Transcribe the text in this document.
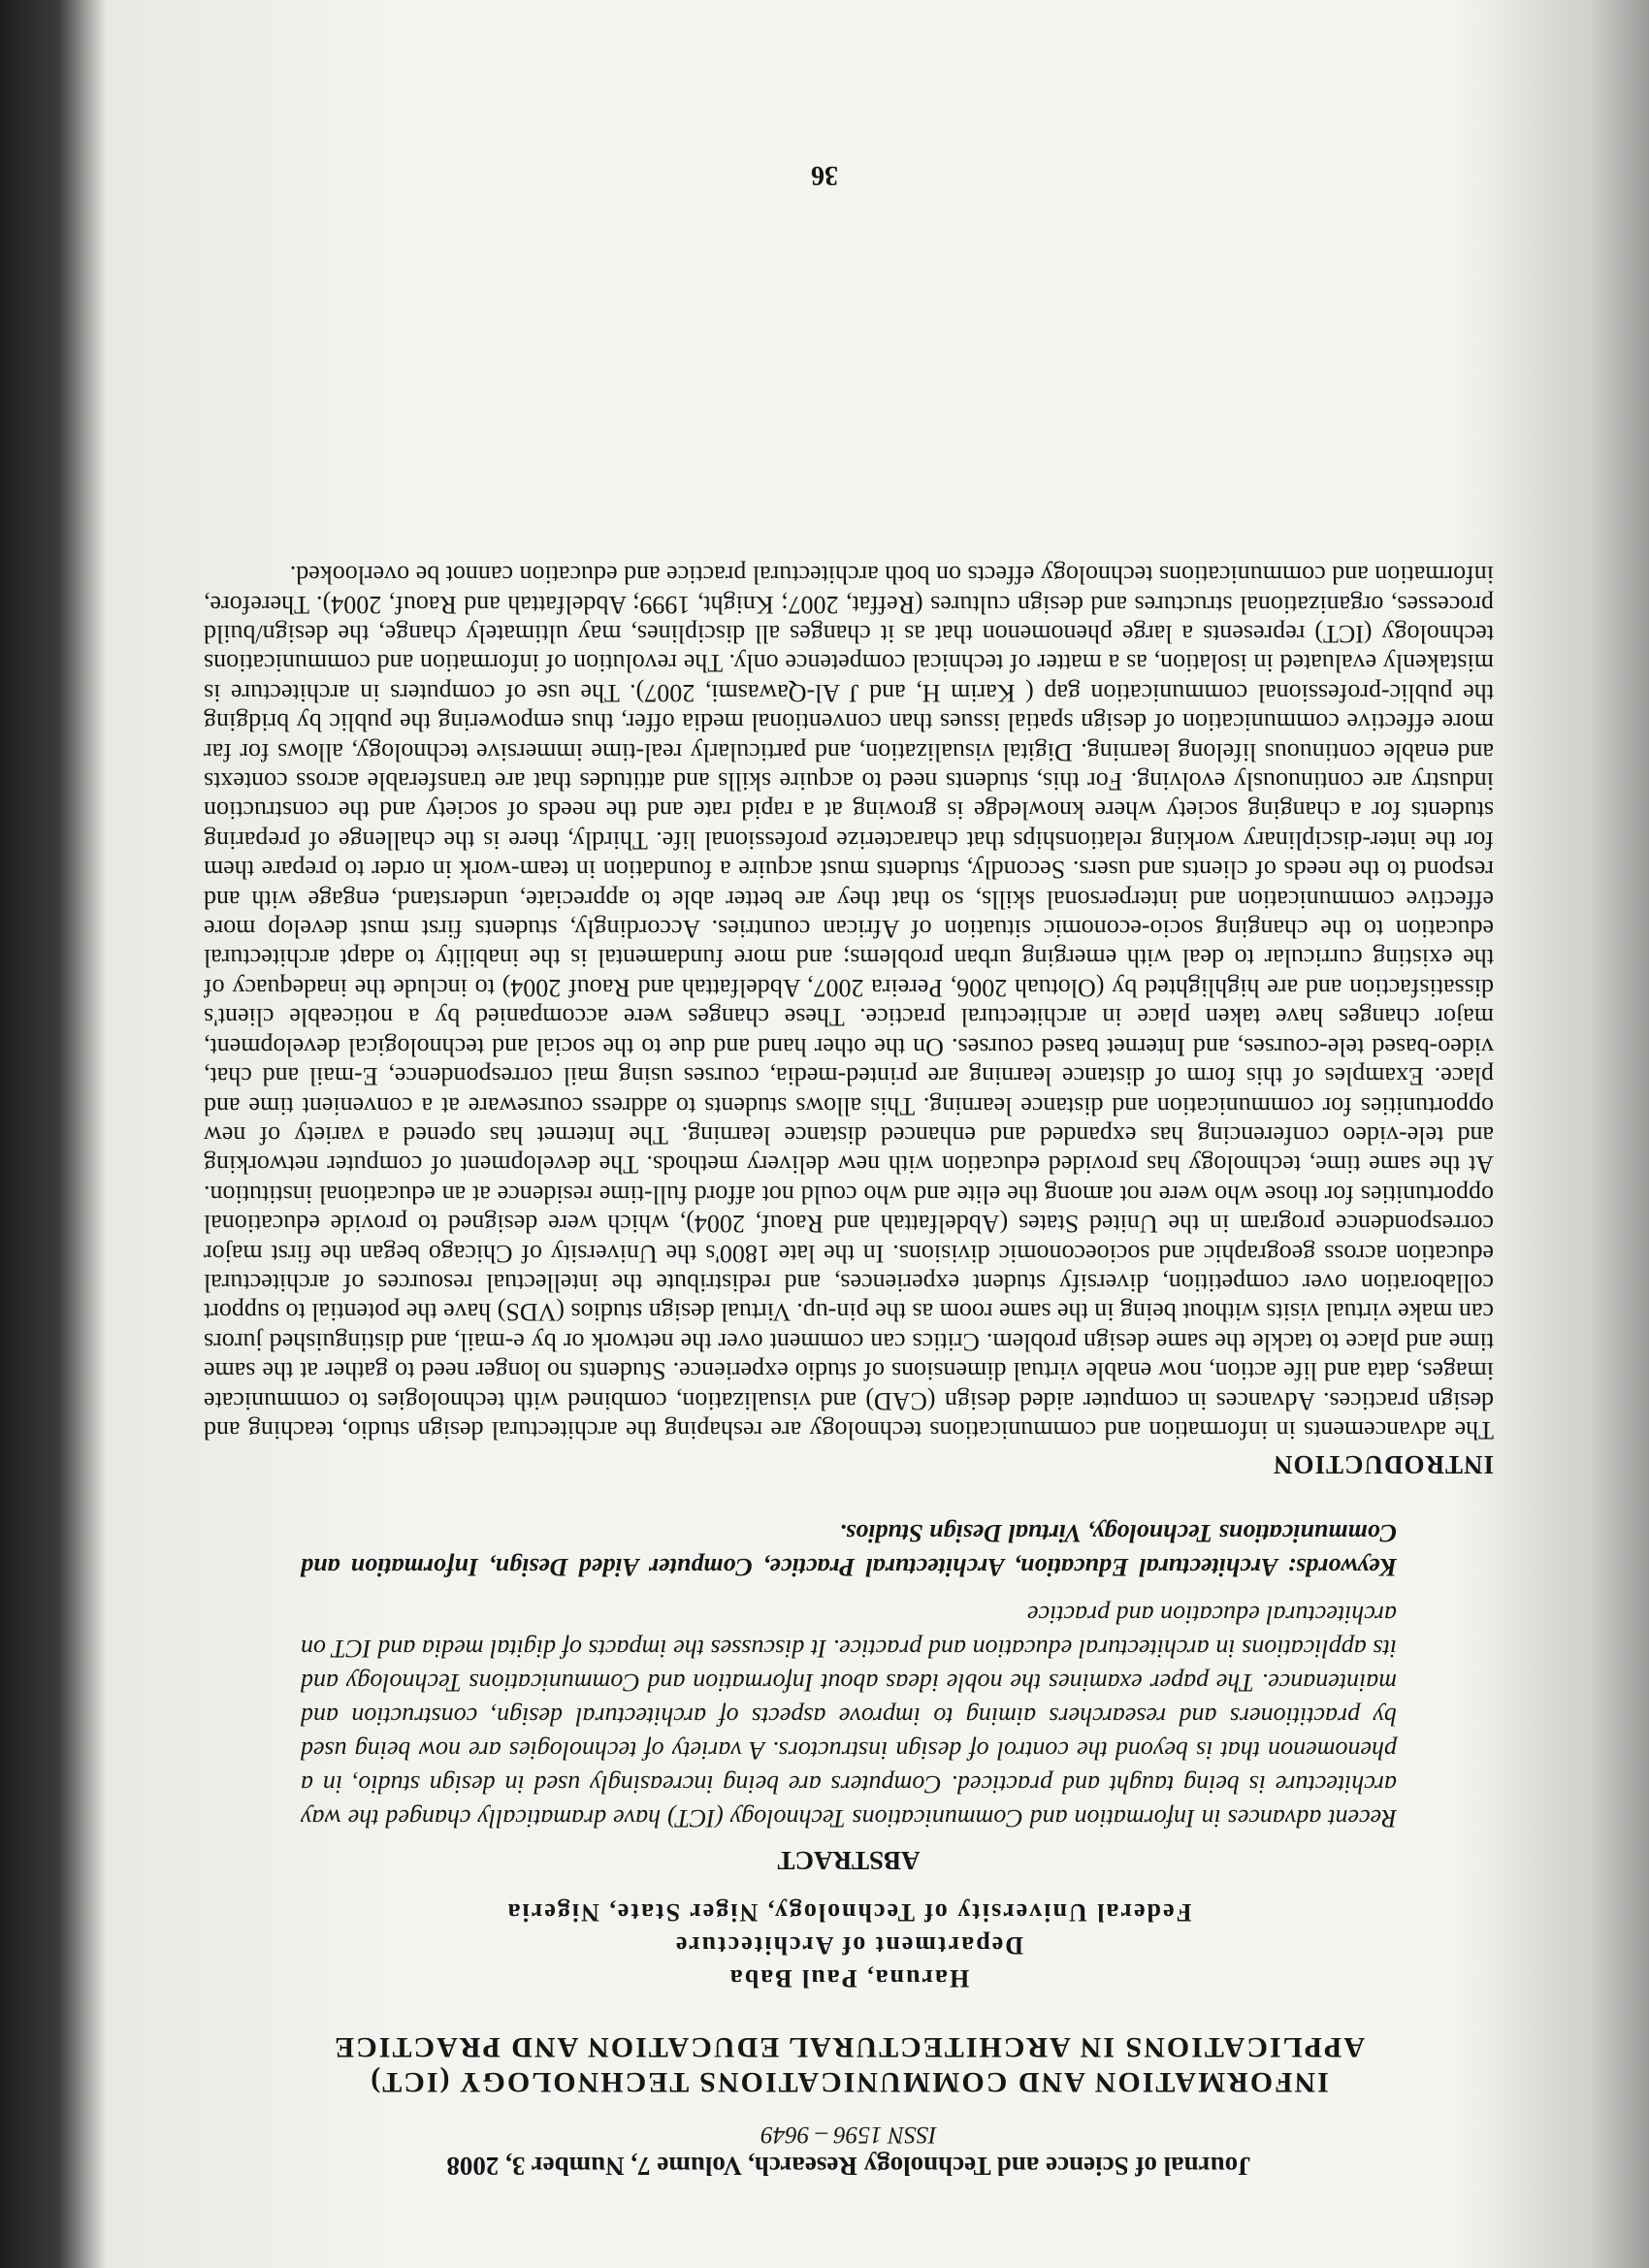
Journal of Science and Technology Research, Volume 7, Number 3, 2008
ISSN 1596 – 9649
INFORMATION AND COMMUNICATIONS TECHNOLOGY (ICT) APPLICATIONS IN ARCHITECTURAL EDUCATION AND PRACTICE
Haruna, Paul Baba
Department of Architecture
Federal University of Technology, Niger State, Nigeria
ABSTRACT
Recent advances in Information and Communications Technology (ICT) have dramatically changed the way architecture is being taught and practiced. Computers are being increasingly used in design studio, in a phenomenon that is beyond the control of design instructors. A variety of technologies are now being used by practitioners and researchers aiming to improve aspects of architectural design, construction and maintenance. The paper examines the noble ideas about Information and Communications Technology and its applications in architectural education and practice. It discusses the impacts of digital media and ICT on architectural education and practice
Keywords: Architectural Education, Architectural Practice, Computer Aided Design, Information and Communications Technology, Virtual Design Studios.
INTRODUCTION
The advancements in information and communications technology are reshaping the architectural design studio, teaching and design practices. Advances in computer aided design (CAD) and visualization, combined with technologies to communicate images, data and life action, now enable virtual dimensions of studio experience. Students no longer need to gather at the same time and place to tackle the same design problem. Critics can comment over the network or by e-mail, and distinguished jurors can make virtual visits without being in the same room as the pin-up. Virtual design studios (VDS) have the potential to support collaboration over competition, diversify student experiences, and redistribute the intellectual resources of architectural education across geographic and socioeconomic divisions. In the late 1800's the University of Chicago began the first major correspondence program in the United States (Abdelfattah and Raouf, 2004), which were designed to provide educational opportunities for those who were not among the elite and who could not afford full-time residence at an educational institution. At the same time, technology has provided education with new delivery methods. The development of computer networking and tele-video conferencing has expanded and enhanced distance learning. The Internet has opened a variety of new opportunities for communication and distance learning. This allows students to address courseware at a convenient time and place. Examples of this form of distance learning are printed-media, courses using mail correspondence, E-mail and chat, video-based tele-courses, and Internet based courses. On the other hand and due to the social and technological development, major changes have taken place in architectural practice. These changes were accompanied by a noticeable client's dissatisfaction and are highlighted by (Olotuah 2006, Pereira 2007, Abdelfattah and Raouf 2004) to include the inadequacy of the existing curricular to deal with emerging urban problems; and more fundamental is the inability to adapt architectural education to the changing socio-economic situation of African countries. Accordingly, students first must develop more effective communication and interpersonal skills, so that they are better able to appreciate, understand, engage with and respond to the needs of clients and users. Secondly, students must acquire a foundation in team-work in order to prepare them for the inter-disciplinary working relationships that characterize professional life. Thirdly, there is the challenge of preparing students for a changing society where knowledge is growing at a rapid rate and the needs of society and the construction industry are continuously evolving. For this, students need to acquire skills and attitudes that are transferable across contexts and enable continuous lifelong learning. Digital visualization, and particularly real-time immersive technology, allows for far more effective communication of design spatial issues than conventional media offer, thus empowering the public by bridging the public-professional communication gap ( Karim H, and J Al-Qawasmi, 2007). The use of computers in architecture is mistakenly evaluated in isolation, as a matter of technical competence only. The revolution of information and communications technology (ICT) represents a large phenomenon that as it changes all disciplines, may ultimately change, the design/build processes, organizational structures and design cultures (Reffat, 2007; Knight, 1999; Abdelfattah and Raouf, 2004). Therefore, information and communications technology effects on both architectural practice and education cannot be overlooked.
36
